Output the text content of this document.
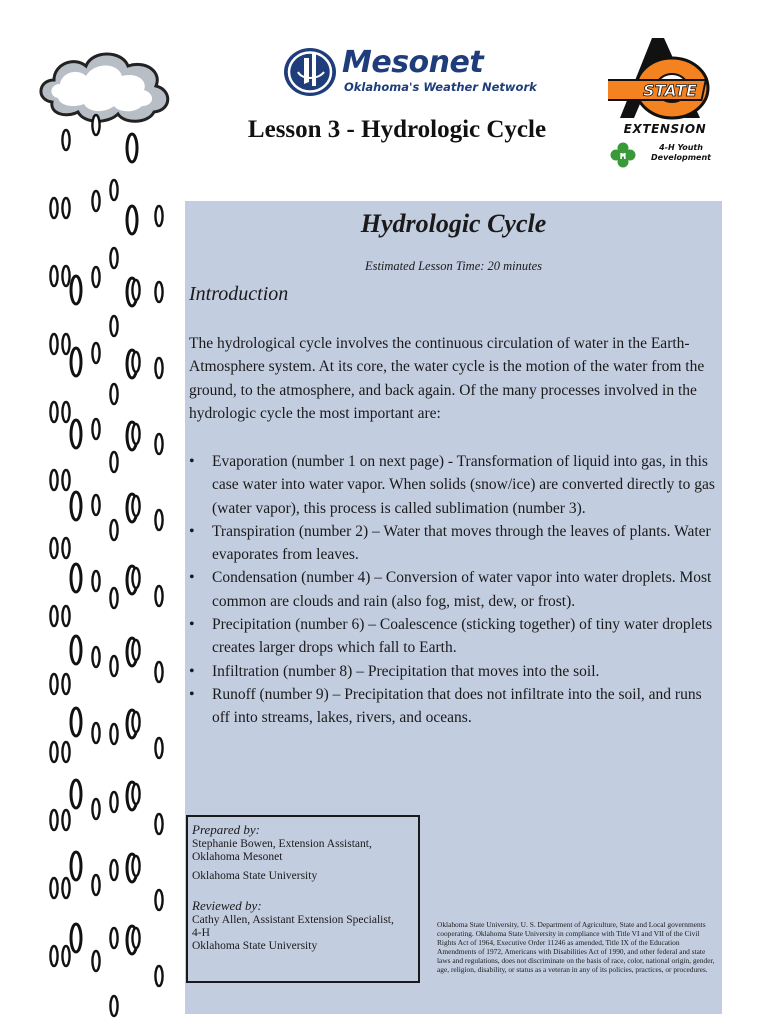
Mesonet
Oklahoma's Weather Network
Lesson 3 - Hydrologic Cycle
STATE
EXTENSION
H
4-H Youth
Development
Hydrologic Cycle
Estimated Lesson Time: 20 minutes
Introduction

The hydrological cycle involves the continuous circulation of water in the Earth-Atmosphere system. At its core, the water cycle is the motion of the water from the ground, to the atmosphere, and back again. Of the many processes involved in the hydrologic cycle the most important are:

• Evaporation (number 1 on next page) - Transformation of liquid into gas, in this case water into water vapor. When solids (snow/ice) are converted directly to gas (water vapor), this process is called sublimation (number 3).
• Transpiration (number 2) – Water that moves through the leaves of plants. Water evaporates from leaves.
• Condensation (number 4) – Conversion of water vapor into water droplets. Most common are clouds and rain (also fog, mist, dew, or frost).
• Precipitation (number 6) – Coalescence (sticking together) of tiny water droplets creates larger drops which fall to Earth.
• Infiltration (number 8) – Precipitation that moves into the soil.
• Runoff (number 9) – Precipitation that does not infiltrate into the soil, and runs off into streams, lakes, rivers, and oceans.

Prepared by:

Stephanie Bowen, Extension Assistant,

Oklahoma Mesonet

Oklahoma State University

Reviewed by:

Cathy Allen, Assistant Extension Specialist,

4-H

Oklahoma State University

Oklahoma State University, U. S. Department of Agriculture, State and Local governments cooperating. Oklahoma State University in compliance with Title VI and VII of the Civil Rights Act of 1964, Executive Order 11246 as amended, Title IX of the Education Amendments of 1972, Americans with Disabilities Act of 1990, and other federal and state laws and regulations, does not discriminate on the basis of race, color, national origin, gender, age, religion, disability, or status as a veteran in any of its policies, practices, or procedures.
